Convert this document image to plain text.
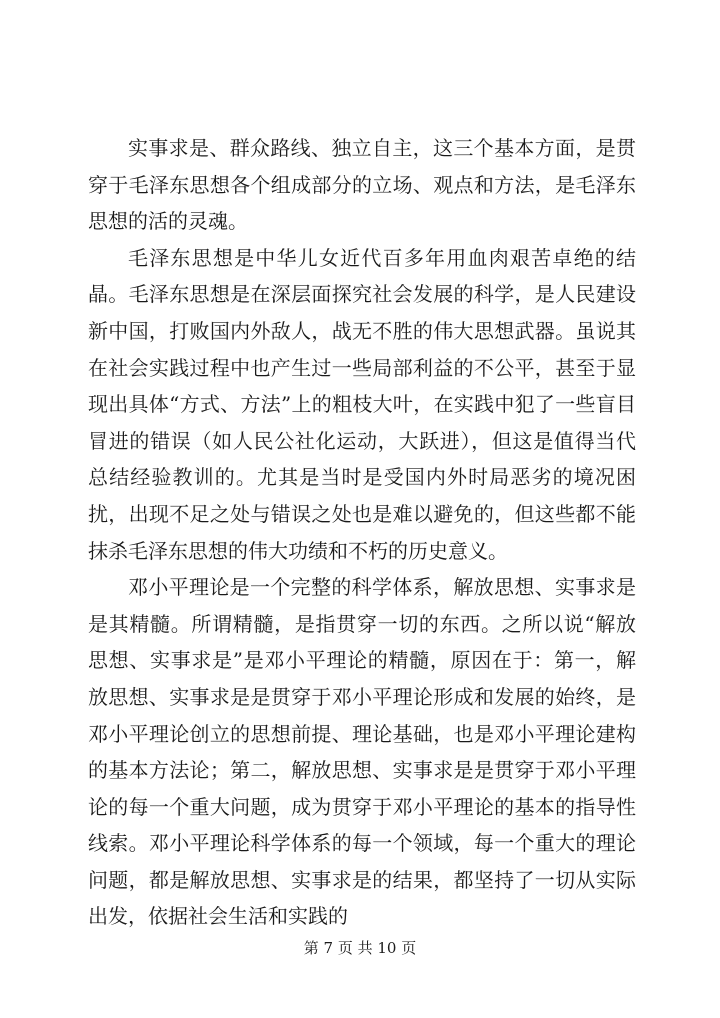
实事求是、群众路线、独立自主，这三个基本方面，是贯穿于毛泽东思想各个组成部分的立场、观点和方法，是毛泽东思想的活的灵魂。

毛泽东思想是中华儿女近代百多年用血肉艰苦卓绝的结晶。毛泽东思想是在深层面探究社会发展的科学，是人民建设新中国，打败国内外敌人，战无不胜的伟大思想武器。虽说其在社会实践过程中也产生过一些局部利益的不公平，甚至于显现出具体“方式、方法”上的粗枝大叶，在实践中犯了一些盲目冒进的错误（如人民公社化运动，大跃进），但这是值得当代总结经验教训的。尤其是当时是受国内外时局恶劣的境况困扰，出现不足之处与错误之处也是难以避免的，但这些都不能抹杀毛泽东思想的伟大功绩和不朽的历史意义。

邓小平理论是一个完整的科学体系，解放思想、实事求是是其精髓。所谓精髓，是指贯穿一切的东西。之所以说“解放思想、实事求是”是邓小平理论的精髓，原因在于：第一，解放思想、实事求是是贯穿于邓小平理论形成和发展的始终，是邓小平理论创立的思想前提、理论基础，也是邓小平理论建构的基本方法论；第二，解放思想、实事求是是贯穿于邓小平理论的每一个重大问题，成为贯穿于邓小平理论的基本的指导性线索。邓小平理论科学体系的每一个领域，每一个重大的理论问题，都是解放思想、实事求是的结果，都坚持了一切从实际出发，依据社会生活和实践的

第 7 页 共 10 页
